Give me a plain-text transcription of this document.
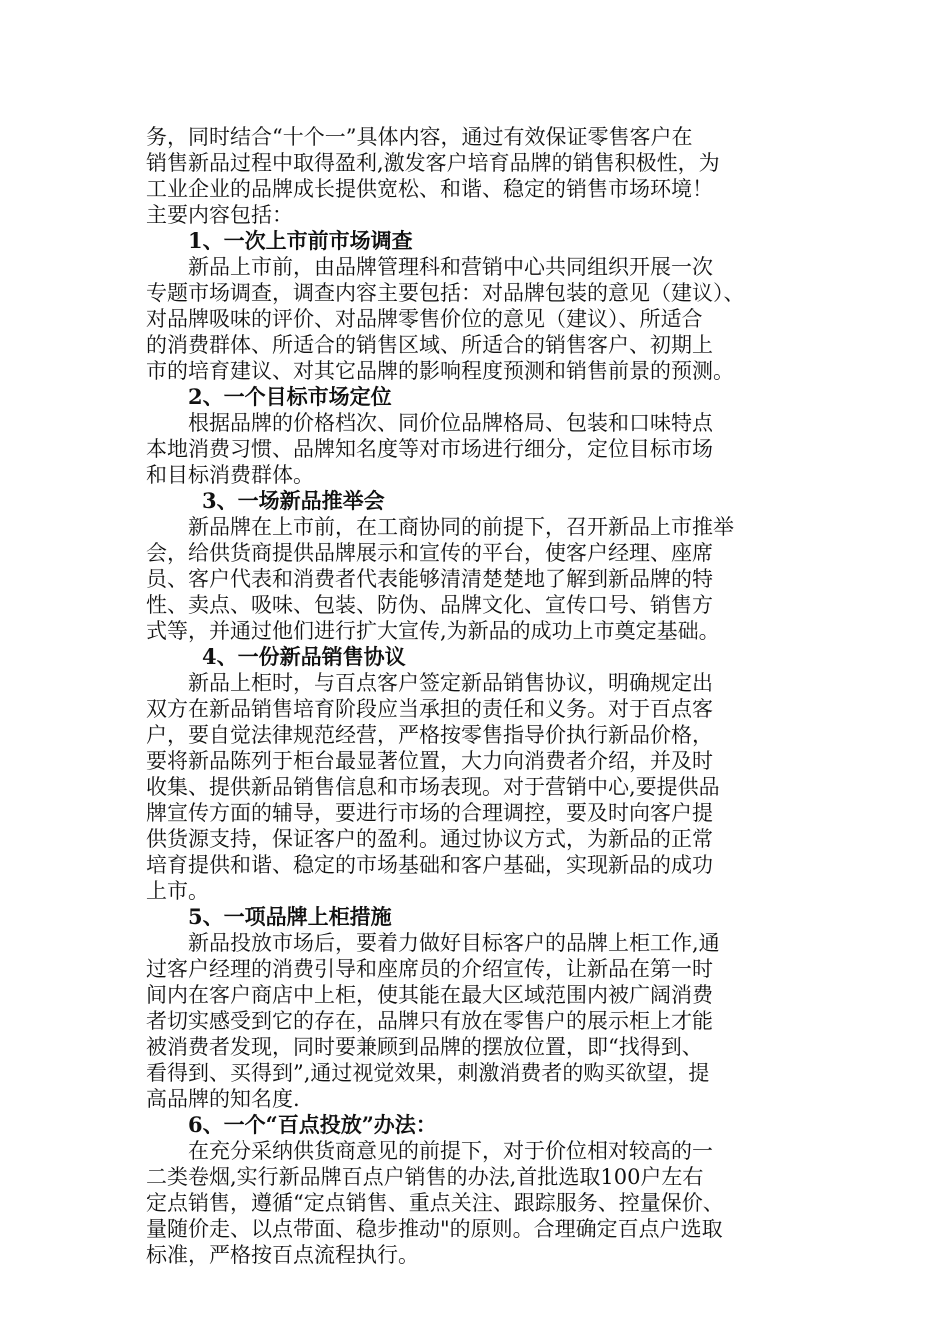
务，同时结合“十个一”具体内容，通过有效保证零售客户在
销售新品过程中取得盈利,激发客户培育品牌的销售积极性，为
工业企业的品牌成长提供宽松、和谐、稳定的销售市场环境！
主要内容包括：
1、一次上市前市场调查
新品上市前，由品牌管理科和营销中心共同组织开展一次
专题市场调查，调查内容主要包括：对品牌包装的意见（建议）、
对品牌吸味的评价、对品牌零售价位的意见（建议）、所适合
的消费群体、所适合的销售区域、所适合的销售客户、初期上
市的培育建议、对其它品牌的影响程度预测和销售前景的预测。
2、一个目标市场定位
根据品牌的价格档次、同价位品牌格局、包装和口味特点
本地消费习惯、品牌知名度等对市场进行细分，定位目标市场
和目标消费群体。
3、一场新品推举会
新品牌在上市前，在工商协同的前提下，召开新品上市推举
会，给供货商提供品牌展示和宣传的平台，使客户经理、座席
员、客户代表和消费者代表能够清清楚楚地了解到新品牌的特
性、卖点、吸味、包装、防伪、品牌文化、宣传口号、销售方
式等，并通过他们进行扩大宣传,为新品的成功上市奠定基础。
4、一份新品销售协议
新品上柜时，与百点客户签定新品销售协议，明确规定出
双方在新品销售培育阶段应当承担的责任和义务。对于百点客
户，要自觉法律规范经营，严格按零售指导价执行新品价格，
要将新品陈列于柜台最显著位置，大力向消费者介绍，并及时
收集、提供新品销售信息和市场表现。对于营销中心,要提供品
牌宣传方面的辅导，要进行市场的合理调控，要及时向客户提
供货源支持，保证客户的盈利。通过协议方式，为新品的正常
培育提供和谐、稳定的市场基础和客户基础，实现新品的成功
上市。
5、一项品牌上柜措施
新品投放市场后，要着力做好目标客户的品牌上柜工作,通
过客户经理的消费引导和座席员的介绍宣传，让新品在第一时
间内在客户商店中上柜，使其能在最大区域范围内被广阔消费
者切实感受到它的存在，品牌只有放在零售户的展示柜上才能
被消费者发现，同时要兼顾到品牌的摆放位置，即“找得到、
看得到、买得到”,通过视觉效果，刺激消费者的购买欲望，提
高品牌的知名度.
6、一个“百点投放”办法：
在充分采纳供货商意见的前提下，对于价位相对较高的一
二类卷烟,实行新品牌百点户销售的办法,首批选取100户左右
定点销售，遵循“定点销售、重点关注、跟踪服务、控量保价、
量随价走、以点带面、稳步推动"的原则。合理确定百点户选取
标准，严格按百点流程执行。
